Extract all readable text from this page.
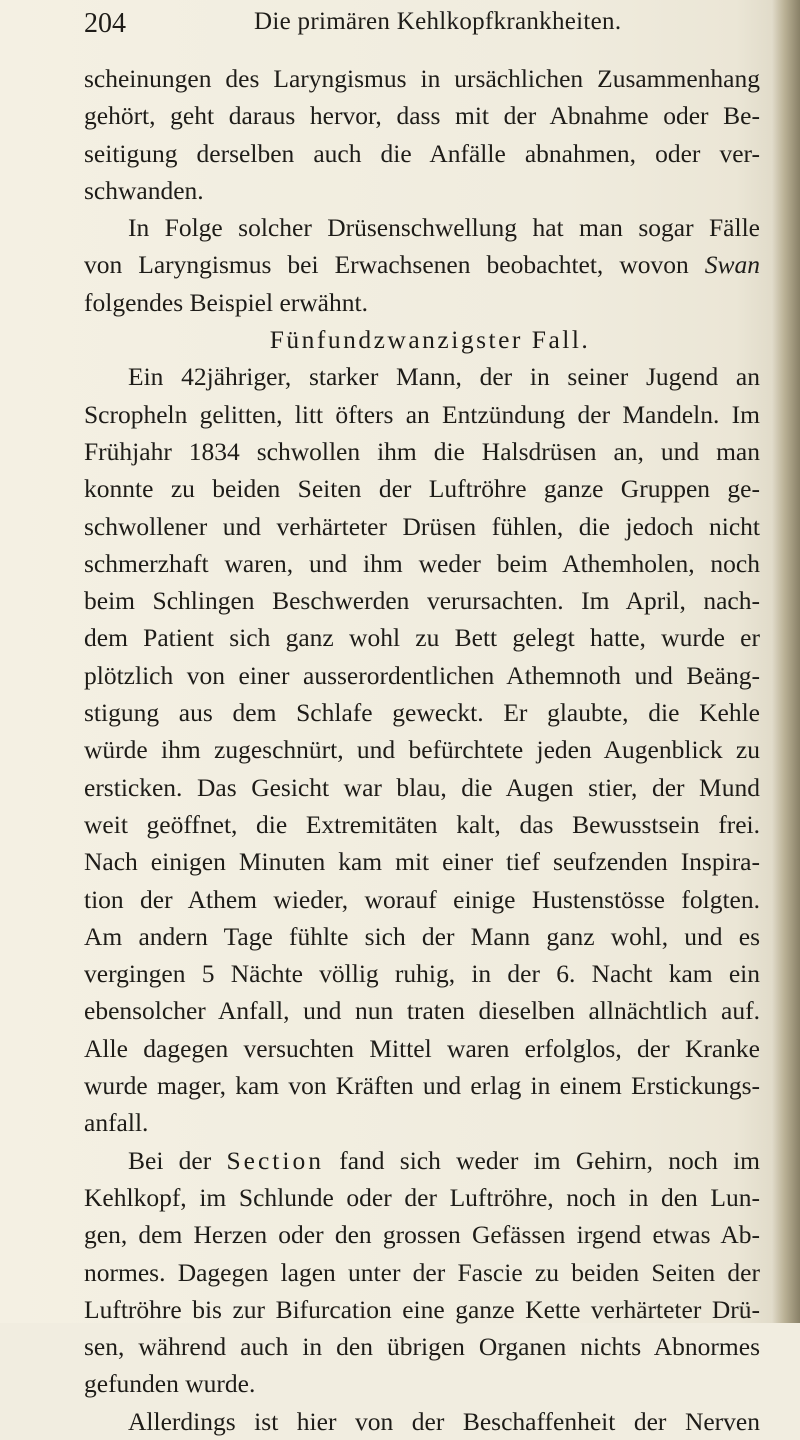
204	Die primären Kehlkopfkrankheiten.
scheinungen des Laryngismus in ursächlichen Zusammenhang
gehört, geht daraus hervor, dass mit der Abnahme oder Be-
seitigung derselben auch die Anfälle abnahmen, oder ver-
schwanden.
In Folge solcher Drüsenschwellung hat man sogar Fälle
von Laryngismus bei Erwachsenen beobachtet, wovon Swan
folgendes Beispiel erwähnt.
Fünfundzwanzigster Fall.
Ein 42jähriger, starker Mann, der in seiner Jugend an
Scropheln gelitten, litt öfters an Entzündung der Mandeln. Im
Frühjahr 1834 schwollen ihm die Halsdrüsen an, und man
konnte zu beiden Seiten der Luftröhre ganze Gruppen ge-
schwollener und verhärteter Drüsen fühlen, die jedoch nicht
schmerzhaft waren, und ihm weder beim Athemholen, noch
beim Schlingen Beschwerden verursachten. Im April, nach-
dem Patient sich ganz wohl zu Bett gelegt hatte, wurde er
plötzlich von einer ausserordentlichen Athemnoth und Beäng-
stigung aus dem Schlafe geweckt. Er glaubte, die Kehle
würde ihm zugeschnürt, und befürchtete jeden Augenblick zu
ersticken. Das Gesicht war blau, die Augen stier, der Mund
weit geöffnet, die Extremitäten kalt, das Bewusstsein frei.
Nach einigen Minuten kam mit einer tief seufzenden Inspira-
tion der Athem wieder, worauf einige Hustenstösse folgten.
Am andern Tage fühlte sich der Mann ganz wohl, und es
vergingen 5 Nächte völlig ruhig, in der 6. Nacht kam ein
ebensolcher Anfall, und nun traten dieselben allnächtlich auf.
Alle dagegen versuchten Mittel waren erfolglos, der Kranke
wurde mager, kam von Kräften und erlag in einem Erstickungs-
anfall.
Bei der Section fand sich weder im Gehirn, noch im
Kehlkopf, im Schlunde oder der Luftröhre, noch in den Lun-
gen, dem Herzen oder den grossen Gefässen irgend etwas Ab-
normes. Dagegen lagen unter der Fascie zu beiden Seiten der
Luftröhre bis zur Bifurcation eine ganze Kette verhärteter Drü-
sen, während auch in den übrigen Organen nichts Abnormes
gefunden wurde.
Allerdings ist hier von der Beschaffenheit der Nerven
